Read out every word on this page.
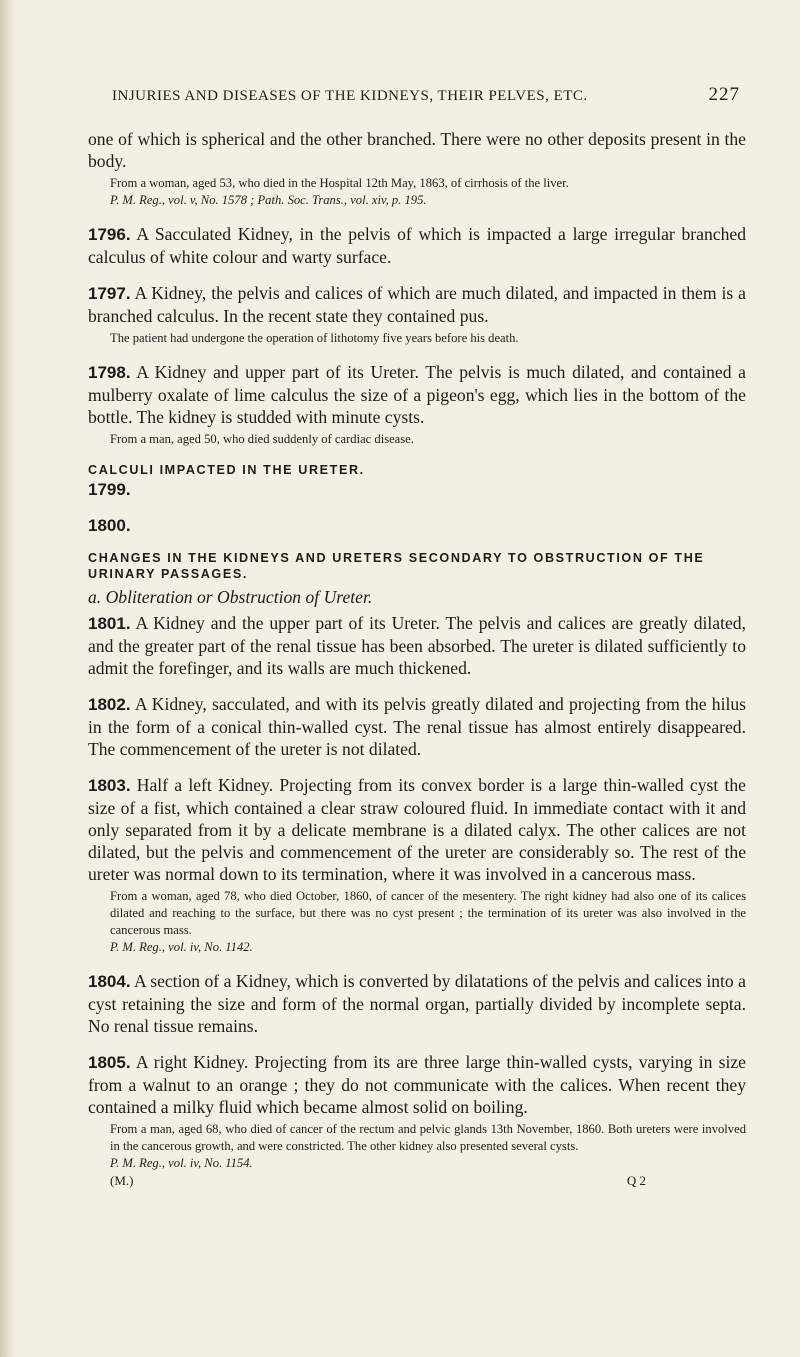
INJURIES AND DISEASES OF THE KIDNEYS, THEIR PELVES, ETC.	227

one of which is spherical and the other branched. There were no other deposits present in the body.

From a woman, aged 53, who died in the Hospital 12th May, 1863, of cirrhosis of the liver.
P. M. Reg., vol. v, No. 1578 ; Path. Soc. Trans., vol. xiv, p. 195.

1796. A Sacculated Kidney, in the pelvis of which is impacted a large irregular branched calculus of white colour and warty surface.

1797. A Kidney, the pelvis and calices of which are much dilated, and impacted in them is a branched calculus. In the recent state they contained pus.

The patient had undergone the operation of lithotomy five years before his death.

1798. A Kidney and upper part of its Ureter. The pelvis is much dilated, and contained a mulberry oxalate of lime calculus the size of a pigeon's egg, which lies in the bottom of the bottle. The kidney is studded with minute cysts.

From a man, aged 50, who died suddenly of cardiac disease.

CALCULI IMPACTED IN THE URETER.
1799.
1800.
CHANGES IN THE KIDNEYS AND URETERS SECONDARY TO OBSTRUCTION OF THE URINARY PASSAGES.
a. Obliteration or Obstruction of Ureter.

1801. A Kidney and the upper part of its Ureter. The pelvis and calices are greatly dilated, and the greater part of the renal tissue has been absorbed. The ureter is dilated sufficiently to admit the forefinger, and its walls are much thickened.

1802. A Kidney, sacculated, and with its pelvis greatly dilated and projecting from the hilus in the form of a conical thin-walled cyst. The renal tissue has almost entirely disappeared. The commencement of the ureter is not dilated.

1803. Half a left Kidney. Projecting from its convex border is a large thin-walled cyst the size of a fist, which contained a clear straw coloured fluid. In immediate contact with it and only separated from it by a delicate membrane is a dilated calyx. The other calices are not dilated, but the pelvis and commencement of the ureter are considerably so. The rest of the ureter was normal down to its termination, where it was involved in a cancerous mass.

From a woman, aged 78, who died October, 1860, of cancer of the mesentery. The right kidney had also one of its calices dilated and reaching to the surface, but there was no cyst present ; the termination of its ureter was also involved in the cancerous mass.
P. M. Reg., vol. iv, No. 1142.

1804. A section of a Kidney, which is converted by dilatations of the pelvis and calices into a cyst retaining the size and form of the normal organ, partially divided by incomplete septa. No renal tissue remains.

1805. A right Kidney. Projecting from its are three large thin-walled cysts, varying in size from a walnut to an orange ; they do not communicate with the calices. When recent they contained a milky fluid which became almost solid on boiling.

From a man, aged 68, who died of cancer of the rectum and pelvic glands 13th November, 1860. Both ureters were involved in the cancerous growth, and were constricted. The other kidney also presented several cysts.
P. M. Reg., vol. iv, No. 1154.

(M.)	Q 2
